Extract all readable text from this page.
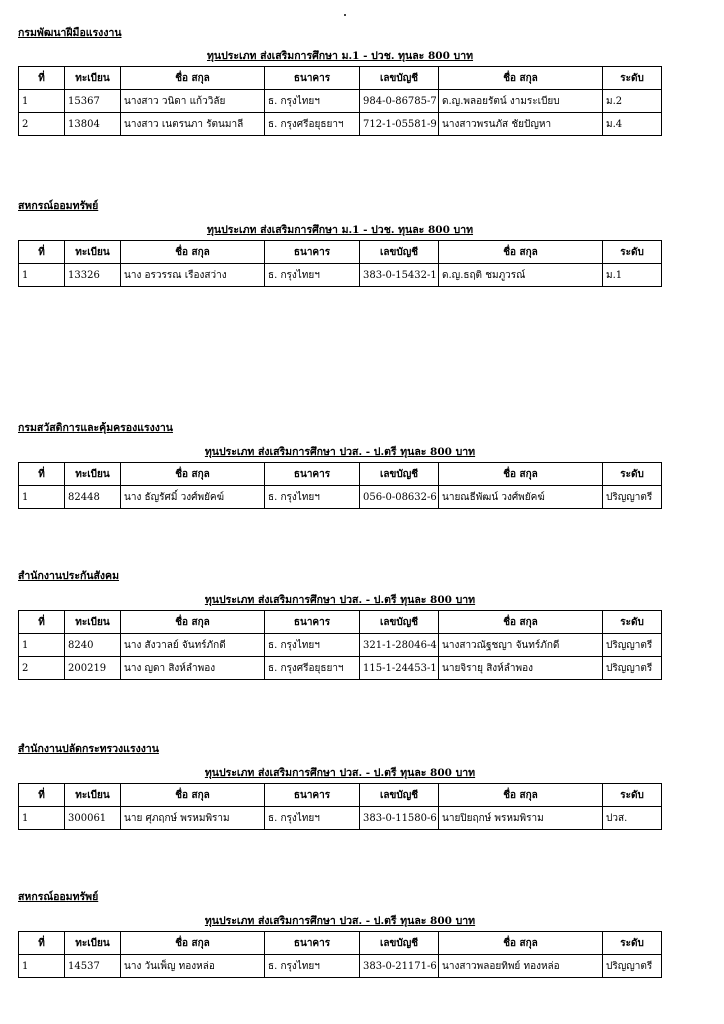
กรมพัฒนาฝีมือแรงงาน
ทุนประเภท ส่งเสริมการศึกษา ม.1 - ปวช. ทุนละ 800 บาท
ที่	ทะเบียน	ชื่อ สกุล	ธนาคาร	เลขบัญชี	ชื่อ สกุล	ระดับ
1	15367	นางสาว วนิดา แก้ววิลัย	ธ. กรุงไทยฯ	984-0-86785-7	ด.ญ.พลอยรัตน์ งามระเบียบ	ม.2
2	13804	นางสาว เนตรนภา รัตนมาลี	ธ. กรุงศรีอยุธยาฯ	712-1-05581-9	นางสาวพรนภัส ชัยปัญหา	ม.4
สหกรณ์ออมทรัพย์
ทุนประเภท ส่งเสริมการศึกษา ม.1 - ปวช. ทุนละ 800 บาท
ที่	ทะเบียน	ชื่อ สกุล	ธนาคาร	เลขบัญชี	ชื่อ สกุล	ระดับ
1	13326	นาง อรวรรณ เรืองสว่าง	ธ. กรุงไทยฯ	383-0-15432-1	ด.ญ.ธฤติ ชมภูวรณ์	ม.1
กรมสวัสดิการและคุ้มครองแรงงาน
ทุนประเภท ส่งเสริมการศึกษา ปวส. - ป.ตรี ทุนละ 800 บาท
ที่	ทะเบียน	ชื่อ สกุล	ธนาคาร	เลขบัญชี	ชื่อ สกุล	ระดับ
1	82448	นาง ธัญรัศมิ์ วงศ์พยัคฆ์	ธ. กรุงไทยฯ	056-0-08632-6	นายณธีพัฒน์ วงศ์พยัคฆ์	ปริญญาตรี
สำนักงานประกันสังคม
ทุนประเภท ส่งเสริมการศึกษา ปวส. - ป.ตรี ทุนละ 800 บาท
ที่	ทะเบียน	ชื่อ สกุล	ธนาคาร	เลขบัญชี	ชื่อ สกุล	ระดับ
1	8240	นาง สังวาลย์ จันทร์ภักดี	ธ. กรุงไทยฯ	321-1-28046-4	นางสาวณัฐชญา จันทร์ภักดี	ปริญญาตรี
2	200219	นาง ญดา สิงห์ลำพอง	ธ. กรุงศรีอยุธยาฯ	115-1-24453-1	นายจิรายุ สิงห์ลำพอง	ปริญญาตรี
สำนักงานปลัดกระทรวงแรงงาน
ทุนประเภท ส่งเสริมการศึกษา ปวส. - ป.ตรี ทุนละ 800 บาท
ที่	ทะเบียน	ชื่อ สกุล	ธนาคาร	เลขบัญชี	ชื่อ สกุล	ระดับ
1	300061	นาย ศุภฤกษ์ พรหมพิราม	ธ. กรุงไทยฯ	383-0-11580-6	นายปิยฤกษ์ พรหมพิราม	ปวส.
สหกรณ์ออมทรัพย์
ทุนประเภท ส่งเสริมการศึกษา ปวส. - ป.ตรี ทุนละ 800 บาท
ที่	ทะเบียน	ชื่อ สกุล	ธนาคาร	เลขบัญชี	ชื่อ สกุล	ระดับ
1	14537	นาง วันเพ็ญ ทองหล่อ	ธ. กรุงไทยฯ	383-0-21171-6	นางสาวพลอยทิพย์ ทองหล่อ	ปริญญาตรี
